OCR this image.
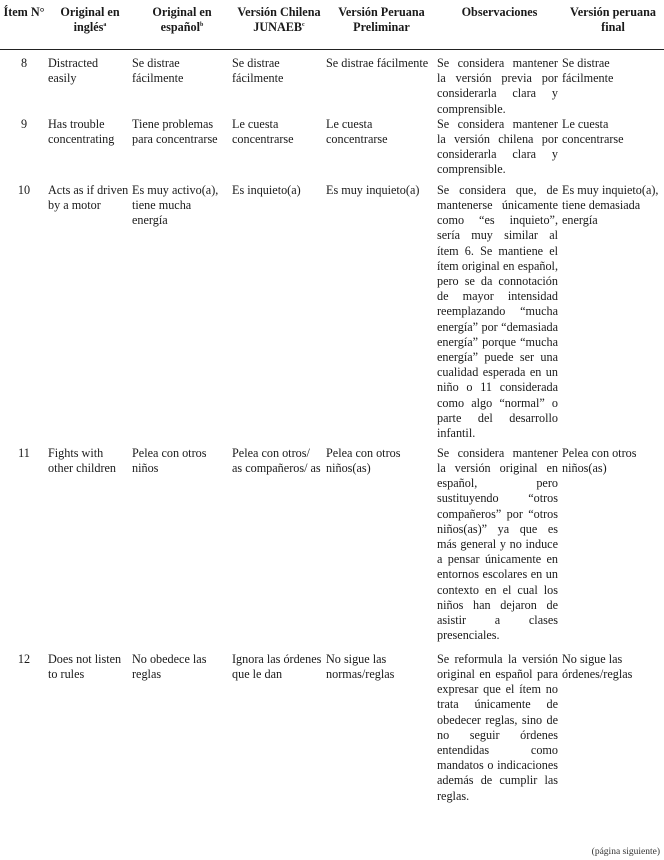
Ítem N°	Original en inglés$^a$	Original en español$^b$	Versión Chilena JUNAEB$^c$	Versión Peruana Preliminar	Observaciones	Versión peruana final
8	Distracted easily	Se distrae fácilmente	Se distrae fácilmente	Se distrae fácilmente	Se considera mantener la versión previa por considerarla clara y comprensible.	Se distrae fácilmente
9	Has trouble concentrating	Tiene problemas para concentrarse	Le cuesta concentrarse	Le cuesta concentrarse	Se considera mantener la versión chilena por considerarla clara y comprensible.	Le cuesta concentrarse
10	Acts as if driven by a motor	Es muy activo(a), tiene mucha energía	Es inquieto(a)	Es muy inquieto(a)	Se considera que, de mantenerse únicamente como “es inquieto”, sería muy similar al ítem 6. Se mantiene el ítem original en español, pero se da connotación de mayor intensidad reemplazando “mucha energía” por “demasiada energía” porque “mucha energía” puede ser una cualidad esperada en un niño o 11 considerada como algo “normal” o parte del desarrollo infantil.	Es muy inquieto(a), tiene demasiada energía
11	Fights with other children	Pelea con otros niños	Pelea con otros/ as compañeros/ as	Pelea con otros niños(as)	Se considera mantener la versión original en español, pero sustituyendo “otros compañeros” por “otros niños(as)” ya que es más general y no induce a pensar únicamente en entornos escolares en un contexto en el cual los niños han dejaron de asistir a clases presenciales.	Pelea con otros niños(as)
12	Does not listen to rules	No obedece las reglas	Ignora las órdenes que le dan	No sigue las normas/reglas	Se reformula la versión original en español para expresar que el ítem no trata únicamente de obedecer reglas, sino de no seguir órdenes entendidas como mandatos o indicaciones además de cumplir las reglas.	No sigue las órdenes/reglas
(página siguiente)
